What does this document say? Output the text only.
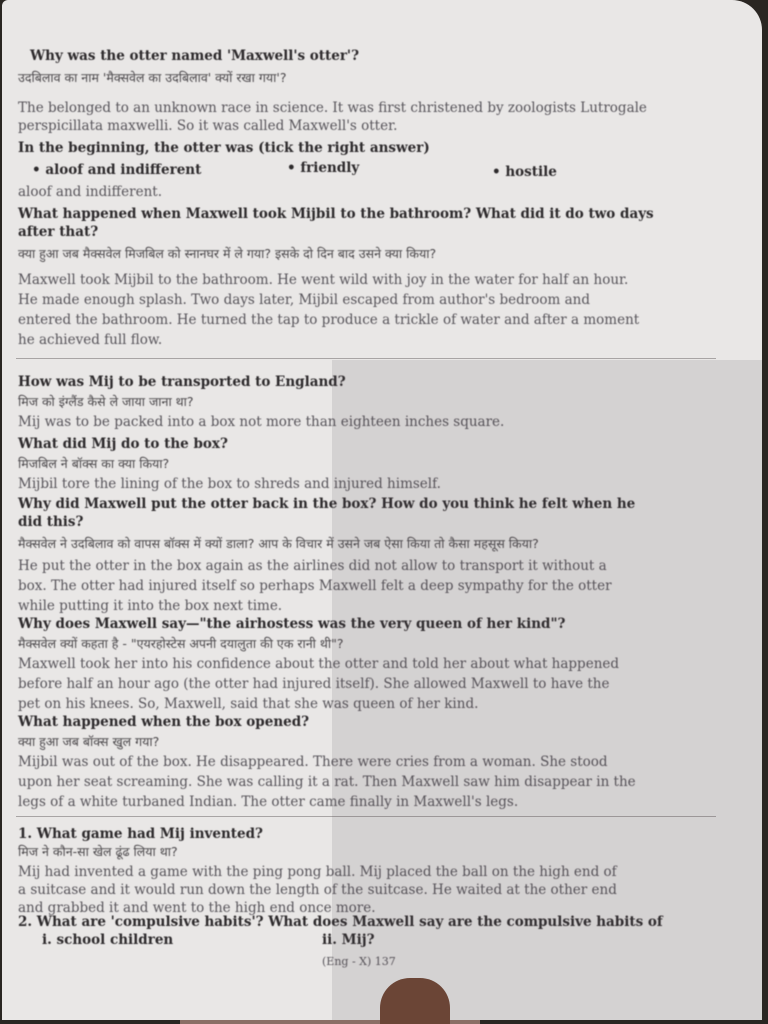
Why was the otter named 'Maxwell's otter'?
उदबिलाव का नाम 'मैक्सवेल का उदबिलाव' क्यों रखा गया'?
The belonged to an unknown race in science. It was first christened by zoologists Lutrogale
perspicillata maxwelli. So it was called Maxwell's otter.
In the beginning, the otter was (tick the right answer)
• aloof and indifferent	• friendly	• hostile
aloof and indifferent.
What happened when Maxwell took Mijbil to the bathroom? What did it do two days
after that?
क्या हुआ जब मैक्सवेल मिजबिल को स्नानघर में ले गया? इसके दो दिन बाद उसने क्या किया?
Maxwell took Mijbil to the bathroom. He went wild with joy in the water for half an hour.
He made enough splash. Two days later, Mijbil escaped from author's bedroom and
entered the bathroom. He turned the tap to produce a trickle of water and after a moment
he achieved full flow.
How was Mij to be transported to England?
मिज को इंग्लैंड कैसे ले जाया जाना था?
Mij was to be packed into a box not more than eighteen inches square.
What did Mij do to the box?
मिजबिल ने बॉक्स का क्या किया?
Mijbil tore the lining of the box to shreds and injured himself.
Why did Maxwell put the otter back in the box? How do you think he felt when he
did this?
मैक्सवेल ने उदबिलाव को वापस बॉक्स में क्यों डाला? आप के विचार में उसने जब ऐसा किया तो कैसा महसूस किया?
He put the otter in the box again as the airlines did not allow to transport it without a
box. The otter had injured itself so perhaps Maxwell felt a deep sympathy for the otter
while putting it into the box next time.
Why does Maxwell say—"the airhostess was the very queen of her kind"?
मैक्सवेल क्यों कहता है - "एयरहोस्टेस अपनी दयालुता की एक रानी थी"?
Maxwell took her into his confidence about the otter and told her about what happened
before half an hour ago (the otter had injured itself). She allowed Maxwell to have the
pet on his knees. So, Maxwell, said that she was queen of her kind.
What happened when the box opened?
क्या हुआ जब बॉक्स खुल गया?
Mijbil was out of the box. He disappeared. There were cries from a woman. She stood
upon her seat screaming. She was calling it a rat. Then Maxwell saw him disappear in the
legs of a white turbaned Indian. The otter came finally in Maxwell's legs.
1. What game had Mij invented?
मिज ने कौन-सा खेल ढूंढ लिया था?
Mij had invented a game with the ping pong ball. Mij placed the ball on the high end of
a suitcase and it would run down the length of the suitcase. He waited at the other end
and grabbed it and went to the high end once more.
2. What are 'compulsive habits'? What does Maxwell say are the compulsive habits of
i. school children	ii. Mij?
(Eng - X) 137
